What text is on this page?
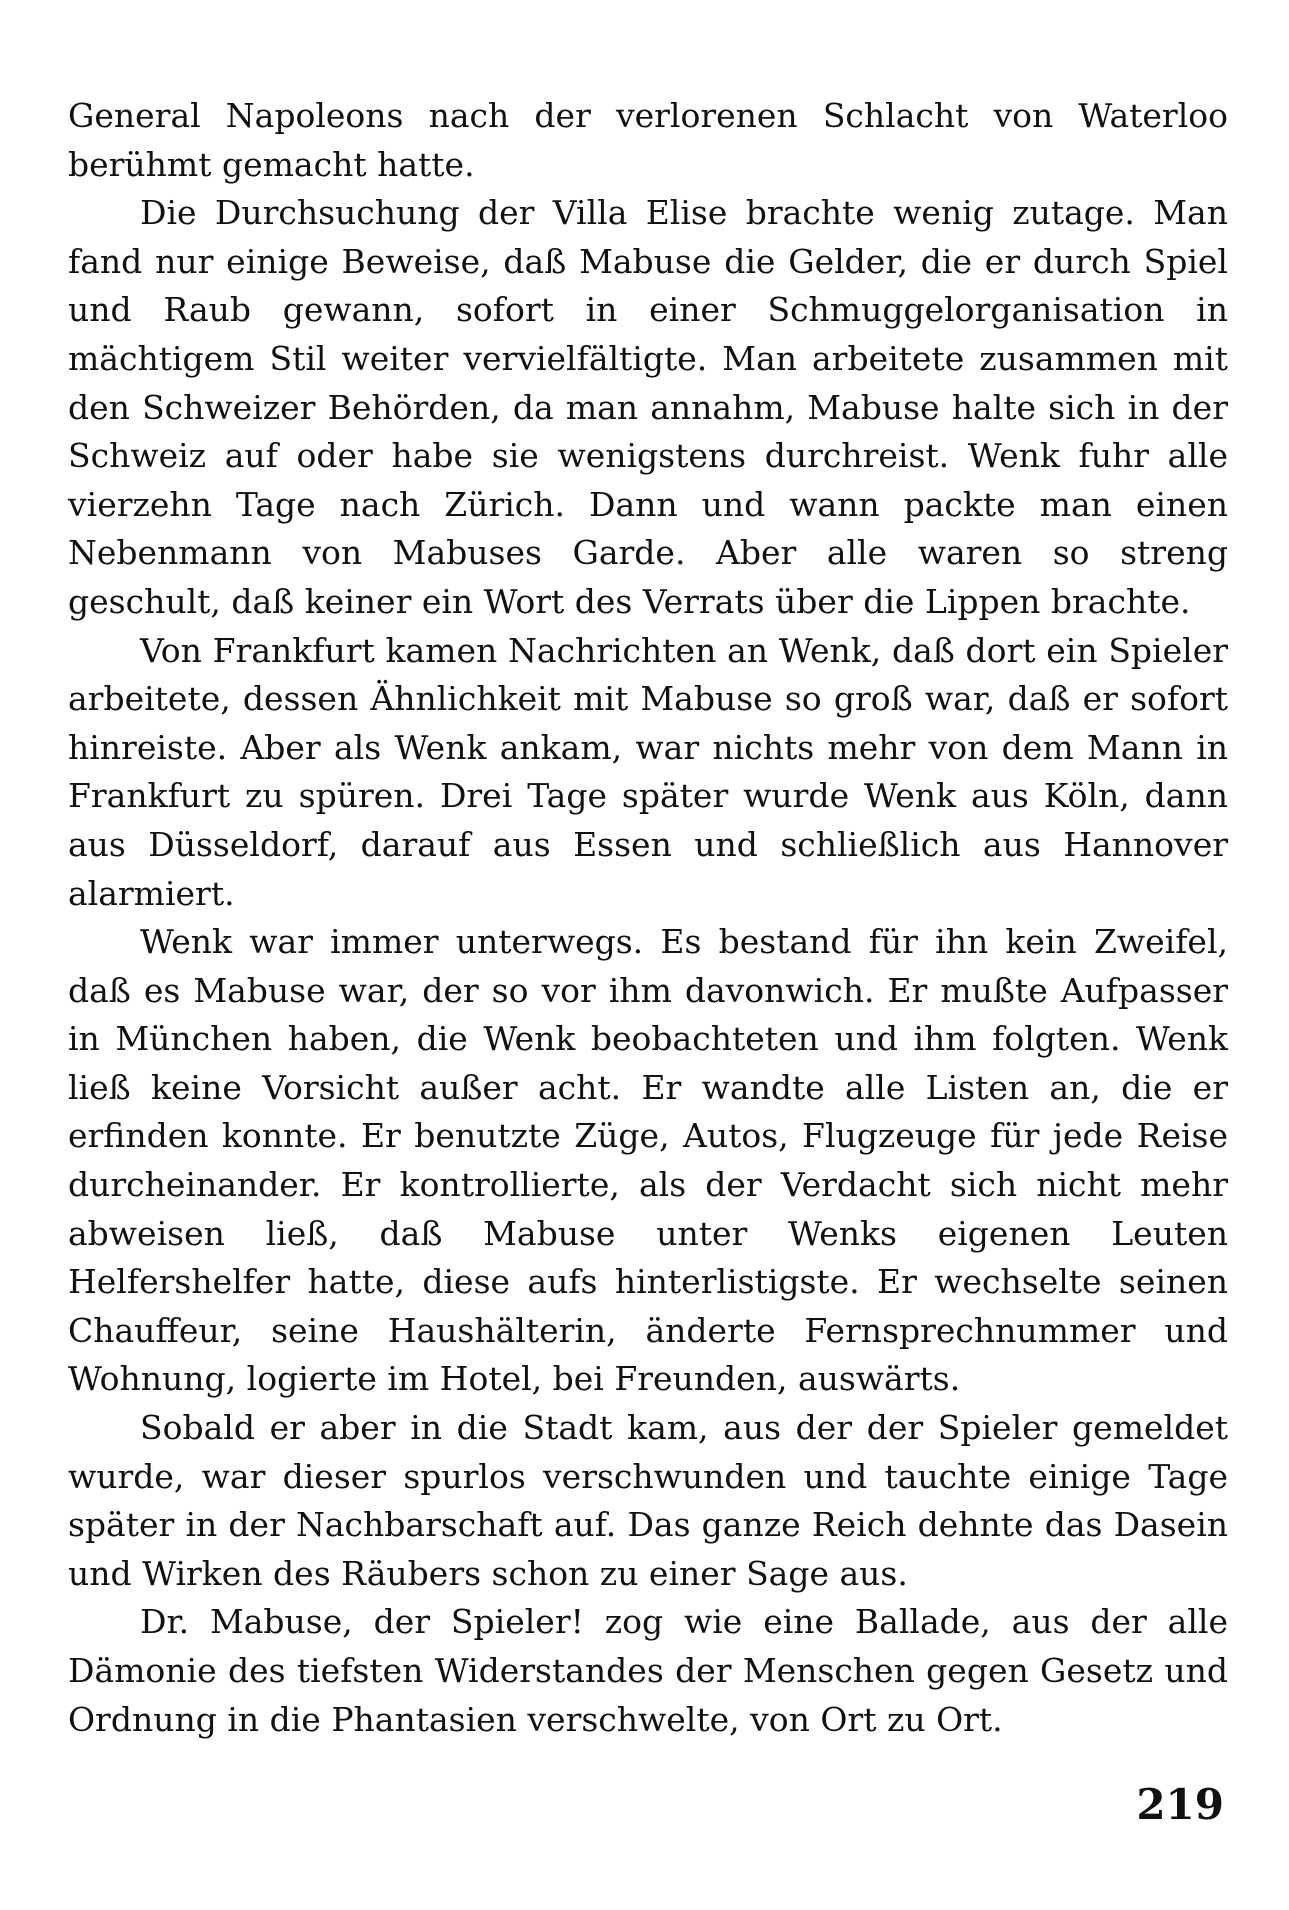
General Napoleons nach der verlorenen Schlacht von Waterloo berühmt gemacht hatte.

Die Durchsuchung der Villa Elise brachte wenig zutage. Man fand nur einige Beweise, daß Mabuse die Gelder, die er durch Spiel und Raub gewann, sofort in einer Schmuggelorganisation in mächtigem Stil weiter vervielfältigte. Man arbeitete zusammen mit den Schweizer Behörden, da man annahm, Mabuse halte sich in der Schweiz auf oder habe sie wenigstens durchreist. Wenk fuhr alle vierzehn Tage nach Zürich. Dann und wann packte man einen Nebenmann von Mabuses Garde. Aber alle waren so streng geschult, daß keiner ein Wort des Verrats über die Lippen brachte.

Von Frankfurt kamen Nachrichten an Wenk, daß dort ein Spieler arbeitete, dessen Ähnlichkeit mit Mabuse so groß war, daß er sofort hinreiste. Aber als Wenk ankam, war nichts mehr von dem Mann in Frankfurt zu spüren. Drei Tage später wurde Wenk aus Köln, dann aus Düsseldorf, darauf aus Essen und schließlich aus Hannover alarmiert.

Wenk war immer unterwegs. Es bestand für ihn kein Zweifel, daß es Mabuse war, der so vor ihm davonwich. Er mußte Aufpasser in München haben, die Wenk beobachteten und ihm folgten. Wenk ließ keine Vorsicht außer acht. Er wandte alle Listen an, die er erfinden konnte. Er benutzte Züge, Autos, Flugzeuge für jede Reise durcheinander. Er kontrollierte, als der Verdacht sich nicht mehr abweisen ließ, daß Mabuse unter Wenks eigenen Leuten Helfershelfer hatte, diese aufs hinterlistigste. Er wechselte seinen Chauffeur, seine Haushälterin, änderte Fernsprechnummer und Wohnung, logierte im Hotel, bei Freunden, auswärts.

Sobald er aber in die Stadt kam, aus der der Spieler gemeldet wurde, war dieser spurlos verschwunden und tauchte einige Tage später in der Nachbarschaft auf. Das ganze Reich dehnte das Dasein und Wirken des Räubers schon zu einer Sage aus.

Dr. Mabuse, der Spieler! zog wie eine Ballade, aus der alle Dämonie des tiefsten Widerstandes der Menschen gegen Gesetz und Ordnung in die Phantasien verschwelte, von Ort zu Ort.

219
